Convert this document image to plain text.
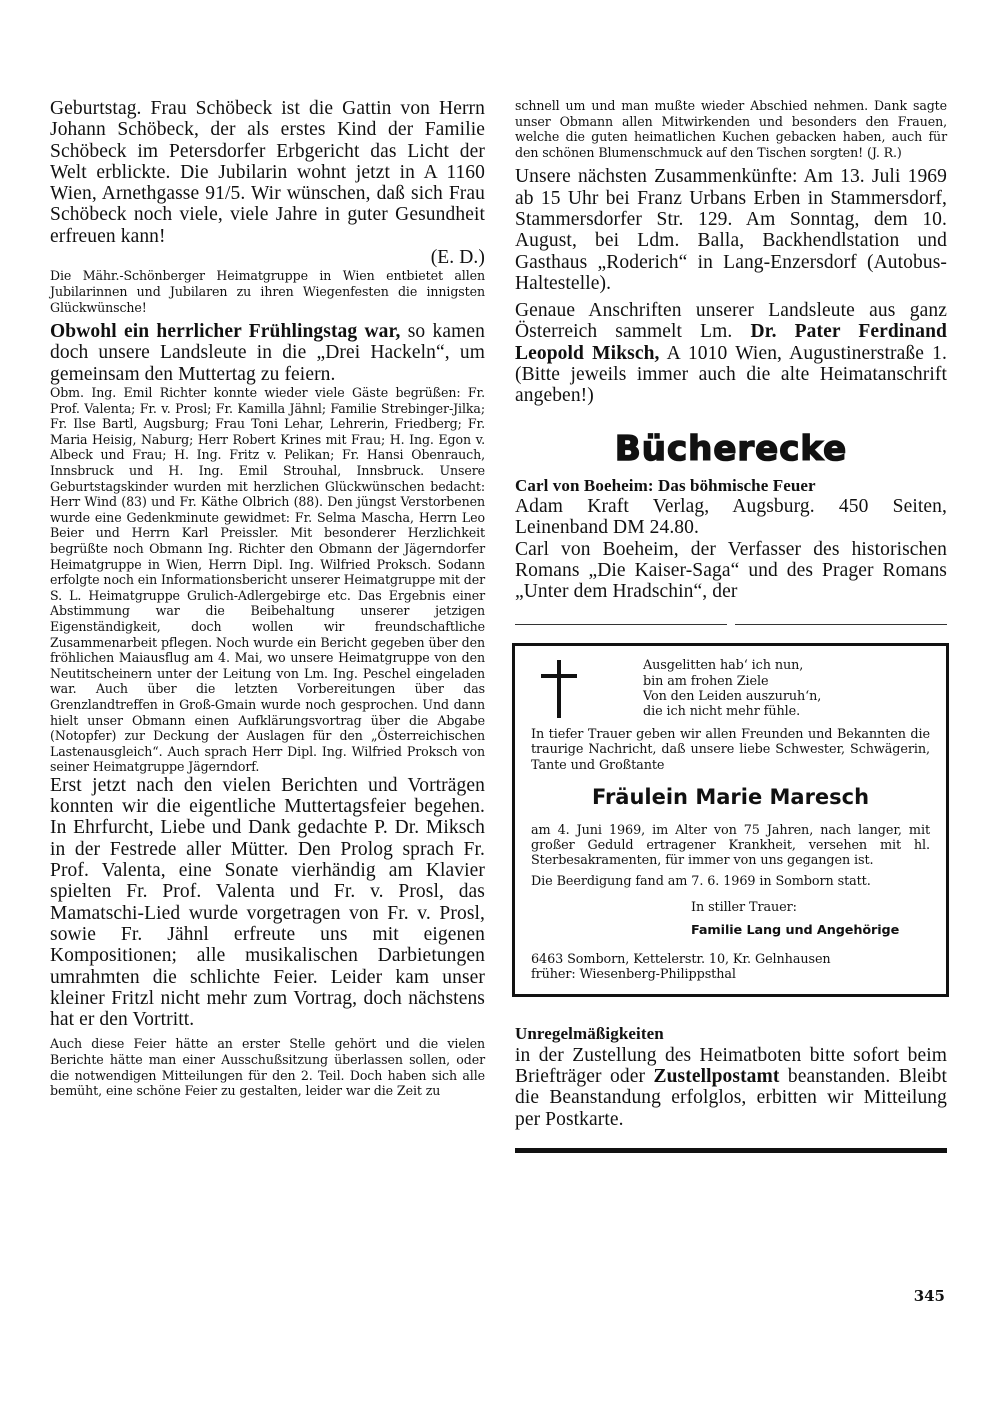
Geburtstag. Frau Schöbeck ist die Gattin von Herrn Johann Schöbeck, der als erstes Kind der Familie Schöbeck im Petersdorfer Erbgericht das Licht der Welt erblickte. Die Jubilarin wohnt jetzt in A 1160 Wien, Arnethgasse 91/5. Wir wünschen, daß sich Frau Schöbeck noch viele, viele Jahre in guter Gesundheit erfreuen kann!

(E. D.)

Die Mähr.-Schönberger Heimatgruppe in Wien entbietet allen Jubilarinnen und Jubilaren zu ihren Wiegenfesten die innigsten Glückwünsche!

Obwohl ein herrlicher Frühlingstag war, so kamen doch unsere Landsleute in die „Drei Hackeln“, um gemeinsam den Muttertag zu feiern.

Obm. Ing. Emil Richter konnte wieder viele Gäste begrüßen: Fr. Prof. Valenta; Fr. v. Prosl; Fr. Kamilla Jähnl; Familie Strebinger-Jilka; Fr. Ilse Bartl, Augsburg; Frau Toni Lehar, Lehrerin, Friedberg; Fr. Maria Heisig, Naburg; Herr Robert Krines mit Frau; H. Ing. Egon v. Albeck und Frau; H. Ing. Fritz v. Pelikan; Fr. Hansi Obenrauch, Innsbruck und H. Ing. Emil Strouhal, Innsbruck. Unsere Geburtstagskinder wurden mit herzlichen Glückwünschen bedacht: Herr Wind (83) und Fr. Käthe Olbrich (88). Den jüngst Verstorbenen wurde eine Gedenkminute gewidmet: Fr. Selma Mascha, Herrn Leo Beier und Herrn Karl Preissler. Mit besonderer Herzlichkeit begrüßte noch Obmann Ing. Richter den Obmann der Jägerndorfer Heimatgruppe in Wien, Herrn Dipl. Ing. Wilfried Proksch. Sodann erfolgte noch ein Informationsbericht unserer Heimatgruppe mit der S. L. Heimatgruppe Grulich-Adlergebirge etc. Das Ergebnis einer Abstimmung war die Beibehaltung unserer jetzigen Eigenständigkeit, doch wollen wir freundschaftliche Zusammenarbeit pflegen. Noch wurde ein Bericht gegeben über den fröhlichen Maiausflug am 4. Mai, wo unsere Heimatgruppe von den Neutitscheinern unter der Leitung von Lm. Ing. Peschel eingeladen war. Auch über die letzten Vorbereitungen über das Grenzlandtreffen in Groß-Gmain wurde noch gesprochen. Und dann hielt unser Obmann einen Aufklärungsvortrag über die Abgabe (Notopfer) zur Deckung der Auslagen für den „Österreichischen Lastenausgleich“. Auch sprach Herr Dipl. Ing. Wilfried Proksch von seiner Heimatgruppe Jägerndorf.

Erst jetzt nach den vielen Berichten und Vorträgen konnten wir die eigentliche Muttertagsfeier begehen. In Ehrfurcht, Liebe und Dank gedachte P. Dr. Miksch in der Festrede aller Mütter. Den Prolog sprach Fr. Prof. Valenta, eine Sonate vierhändig am Klavier spielten Fr. Prof. Valenta und Fr. v. Prosl, das Mamatschi-Lied wurde vorgetragen von Fr. v. Prosl, sowie Fr. Jähnl erfreute uns mit eigenen Kompositionen; alle musikalischen Darbietungen umrahmten die schlichte Feier. Leider kam unser kleiner Fritzl nicht mehr zum Vortrag, doch nächstens hat er den Vortritt.

Auch diese Feier hätte an erster Stelle gehört und die vielen Berichte hätte man einer Ausschußsitzung überlassen sollen, oder die notwendigen Mitteilungen für den 2. Teil. Doch haben sich alle bemüht, eine schöne Feier zu gestalten, leider war die Zeit zu

schnell um und man mußte wieder Abschied nehmen. Dank sagte unser Obmann allen Mitwirkenden und besonders den Frauen, welche die guten heimatlichen Kuchen gebacken haben, auch für den schönen Blumenschmuck auf den Tischen sorgten! (J. R.)

Unsere nächsten Zusammenkünfte: Am 13. Juli 1969 ab 15 Uhr bei Franz Urbans Erben in Stammersdorf, Stammersdorfer Str. 129. Am Sonntag, dem 10. August, bei Ldm. Balla, Backhendlstation und Gasthaus „Roderich“ in Lang-Enzersdorf (Autobus-Haltestelle).

Genaue Anschriften unserer Landsleute aus ganz Österreich sammelt Lm. Dr. Pater Ferdinand Leopold Miksch, A 1010 Wien, Augustinerstraße 1. (Bitte jeweils immer auch die alte Heimatanschrift angeben!)

Bücherecke

Carl von Boeheim: Das böhmische Feuer

Adam Kraft Verlag, Augsburg. 450 Seiten, Leinenband DM 24.80.

Carl von Boeheim, der Verfasser des historischen Romans „Die Kaiser-Saga“ und des Prager Romans „Unter dem Hradschin“, der

Ausgelitten hab‘ ich nun,
bin am frohen Ziele
Von den Leiden auszuruh‘n,
die ich nicht mehr fühle.

In tiefer Trauer geben wir allen Freunden und Bekannten die traurige Nachricht, daß unsere liebe Schwester, Schwägerin, Tante und Großtante

Fräulein Marie Maresch

am 4. Juni 1969, im Alter von 75 Jahren, nach langer, mit großer Geduld ertragener Krankheit, versehen mit hl. Sterbesakramenten, für immer von uns gegangen ist.

Die Beerdigung fand am 7. 6. 1969 in Somborn statt.

In stiller Trauer:
Familie Lang und Angehörige
6463 Somborn, Kettelerstr. 10, Kr. Gelnhausen
früher: Wiesenberg-Philippsthal

Unregelmäßigkeiten

in der Zustellung des Heimatboten bitte sofort beim Briefträger oder Zustellpostamt beanstanden. Bleibt die Beanstandung erfolglos, erbitten wir Mitteilung per Postkarte.

345
